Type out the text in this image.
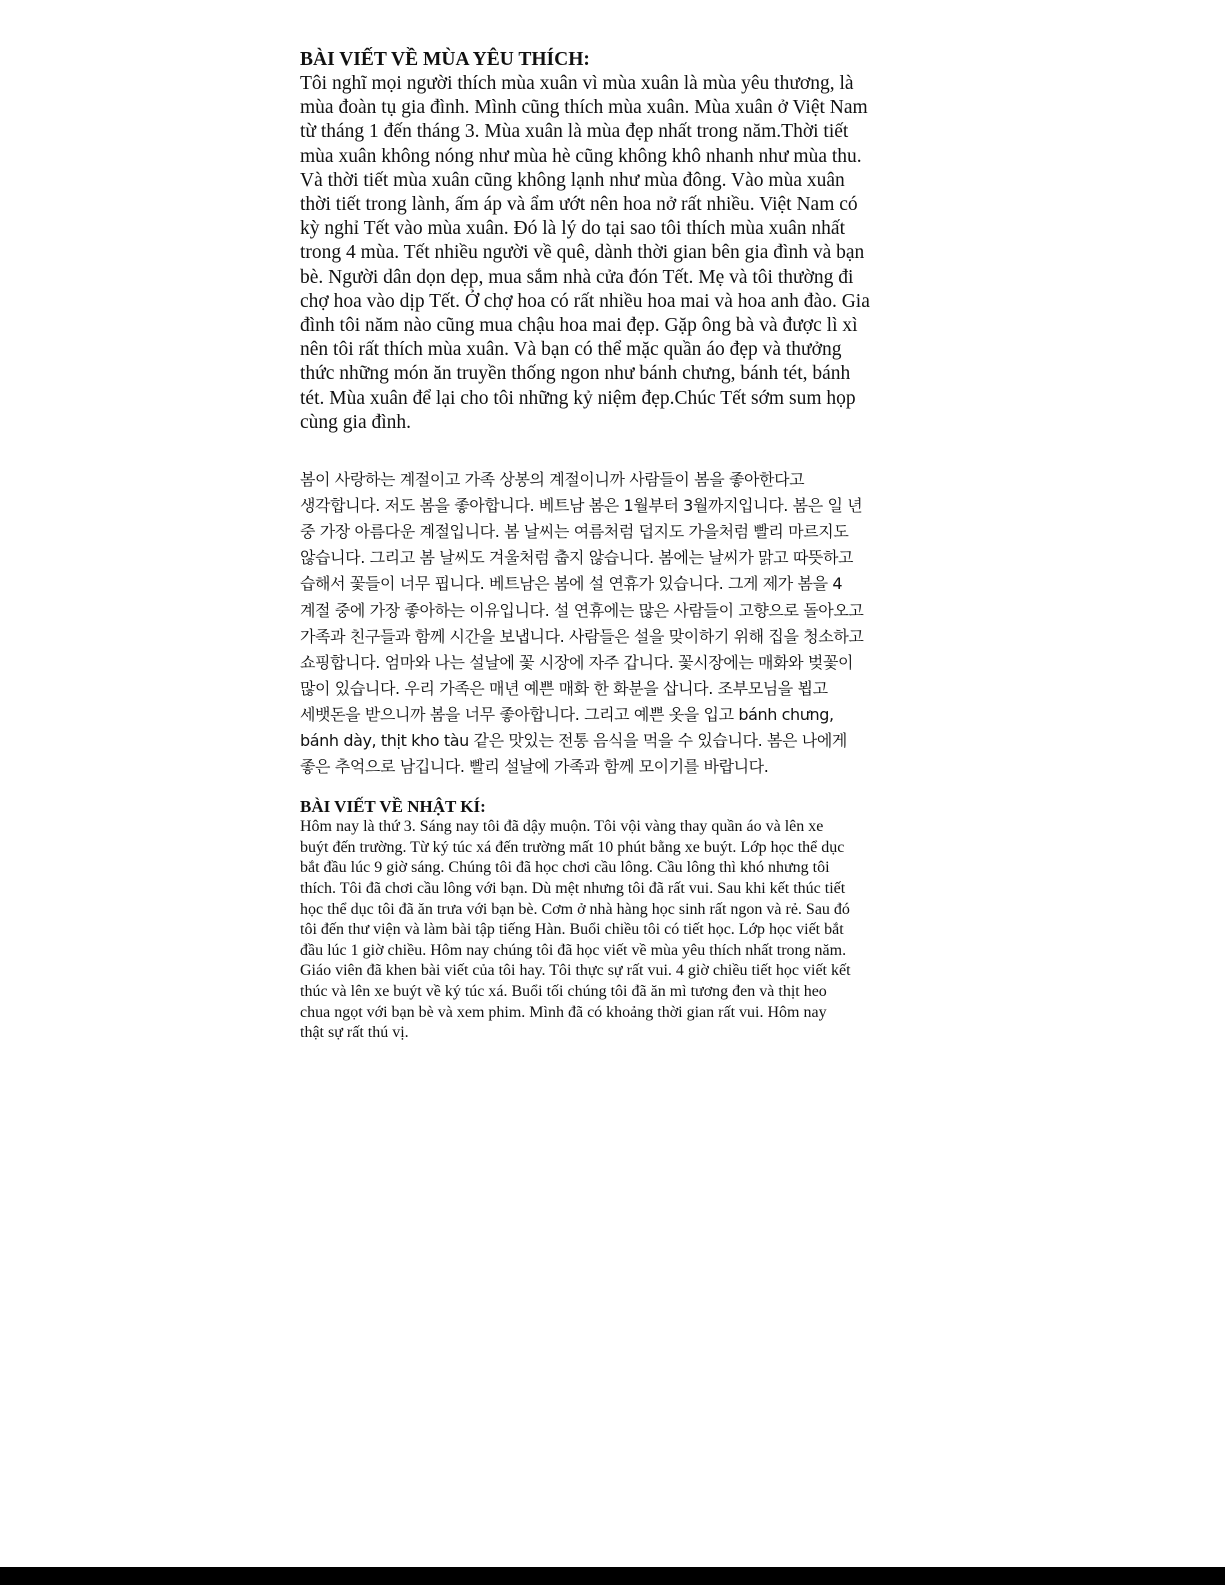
BÀI VIẾT VỀ MÙA YÊU THÍCH:

Tôi nghĩ mọi người thích mùa xuân vì mùa xuân là mùa yêu thương, là
mùa đoàn tụ gia đình. Mình cũng thích mùa xuân. Mùa xuân ở Việt Nam
từ tháng 1 đến tháng 3. Mùa xuân là mùa đẹp nhất trong năm.Thời tiết
mùa xuân không nóng như mùa hè cũng không khô nhanh như mùa thu.
Và thời tiết mùa xuân cũng không lạnh như mùa đông. Vào mùa xuân
thời tiết trong lành, ấm áp và ẩm ướt nên hoa nở rất nhiều. Việt Nam có
kỳ nghỉ Tết vào mùa xuân. Đó là lý do tại sao tôi thích mùa xuân nhất
trong 4 mùa. Tết nhiều người về quê, dành thời gian bên gia đình và bạn
bè. Người dân dọn dẹp, mua sắm nhà cửa đón Tết. Mẹ và tôi thường đi
chợ hoa vào dịp Tết. Ở chợ hoa có rất nhiều hoa mai và hoa anh đào. Gia
đình tôi năm nào cũng mua chậu hoa mai đẹp. Gặp ông bà và được lì xì
nên tôi rất thích mùa xuân. Và bạn có thể mặc quần áo đẹp và thưởng
thức những món ăn truyền thống ngon như bánh chưng, bánh tét, bánh
tét. Mùa xuân để lại cho tôi những kỷ niệm đẹp.Chúc Tết sớm sum họp
cùng gia đình.

봄이 사랑하는 계절이고 가족 상봉의 계절이니까 사람들이 봄을 좋아한다고
생각합니다. 저도 봄을 좋아합니다. 베트남 봄은 1월부터 3월까지입니다. 봄은 일 년
중 가장 아름다운 계절입니다. 봄 날씨는 여름처럼 덥지도 가을처럼 빨리 마르지도
않습니다. 그리고 봄 날씨도 겨울처럼 춥지 않습니다. 봄에는 날씨가 맑고 따뜻하고
습해서 꽃들이 너무 핍니다. 베트남은 봄에 설 연휴가 있습니다. 그게 제가 봄을 4
계절 중에 가장 좋아하는 이유입니다. 설 연휴에는 많은 사람들이 고향으로 돌아오고
가족과 친구들과 함께 시간을 보냅니다. 사람들은 설을 맞이하기 위해 집을 청소하고
쇼핑합니다. 엄마와 나는 설날에 꽃 시장에 자주 갑니다. 꽃시장에는 매화와 벚꽃이
많이 있습니다. 우리 가족은 매년 예쁜 매화 한 화분을 삽니다. 조부모님을 뵙고
세뱃돈을 받으니까 봄을 너무 좋아합니다. 그리고 예쁜 옷을 입고 bánh chưng,
bánh dày, thịt kho tàu 같은 맛있는 전통 음식을 먹을 수 있습니다. 봄은 나에게
좋은 추억으로 남깁니다. 빨리 설날에 가족과 함께 모이기를 바랍니다.

BÀI VIẾT VỀ NHẬT KÍ:

Hôm nay là thứ 3. Sáng nay tôi đã dậy muộn. Tôi vội vàng thay quần áo và lên xe
buýt đến trường. Từ ký túc xá đến trường mất 10 phút bằng xe buýt. Lớp học thể dục
bắt đầu lúc 9 giờ sáng. Chúng tôi đã học chơi cầu lông. Cầu lông thì khó nhưng tôi
thích. Tôi đã chơi cầu lông với bạn. Dù mệt nhưng tôi đã rất vui. Sau khi kết thúc tiết
học thể dục tôi đã ăn trưa với bạn bè. Cơm ở nhà hàng học sinh rất ngon và rẻ. Sau đó
tôi đến thư viện và làm bài tập tiếng Hàn. Buổi chiều tôi có tiết học. Lớp học viết bắt
đầu lúc 1 giờ chiều. Hôm nay chúng tôi đã học viết về mùa yêu thích nhất trong năm.
Giáo viên đã khen bài viết của tôi hay. Tôi thực sự rất vui. 4 giờ chiều tiết học viết kết
thúc và lên xe buýt về ký túc xá. Buổi tối chúng tôi đã ăn mì tương đen và thịt heo
chua ngọt với bạn bè và xem phim. Mình đã có khoảng thời gian rất vui. Hôm nay
thật sự rất thú vị.
